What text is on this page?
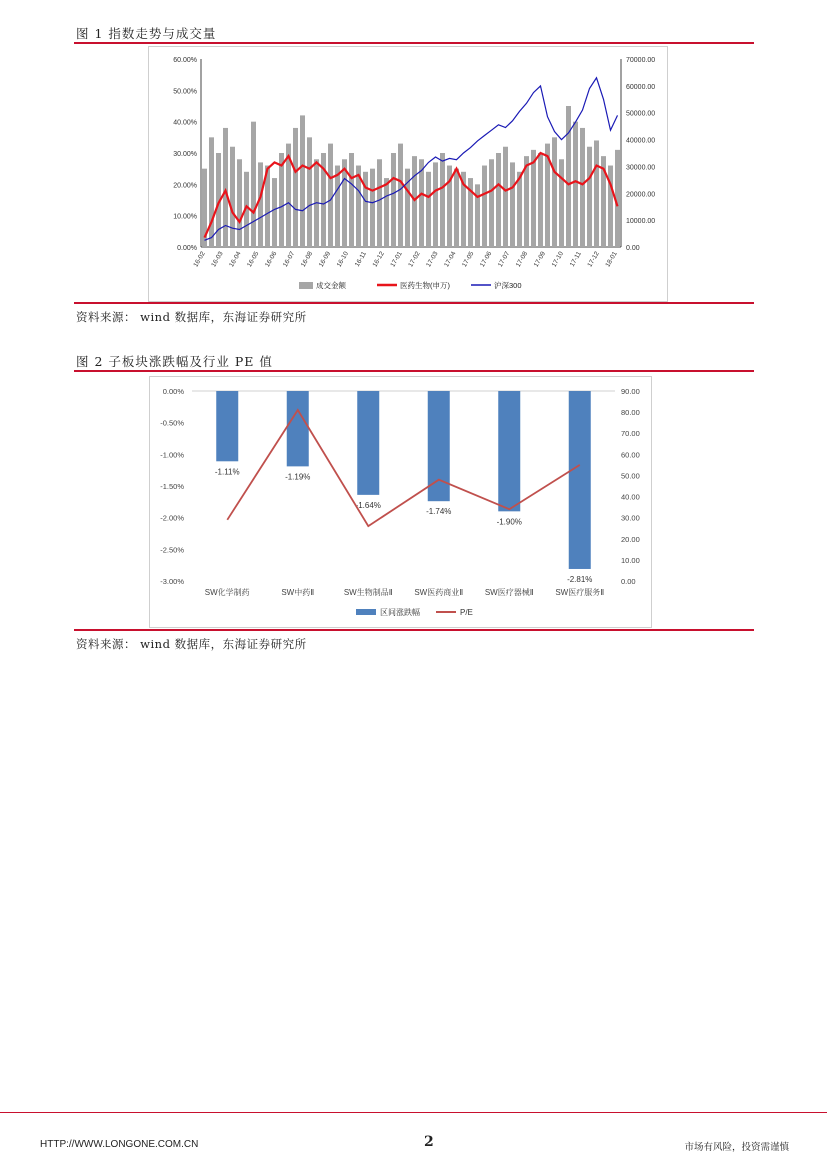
图 1 指数走势与成交量
60.00%
50.00%
40.00%
30.00%
20.00%
10.00%
0.00%
70000.00
60000.00
50000.00
40000.00
30000.00
20000.00
10000.00
0.00
16-02 16-03 16-04 16-05 16-06 16-07 16-08 16-09 16-10 16-11 16-12 17-01 17-02 17-03 17-04 17-05 17-06 17-07 17-08 17-09 17-10 17-11 17-12 18-01
成交金额	医药生物(申万)	沪深300
资料来源： wind 数据库，东海证券研究所
图 2 子板块涨跌幅及行业 PE 值
0.00%
-0.50%
-1.00%
-1.50%
-2.00%
-2.50%
-3.00%
90.00
80.00
70.00
60.00
50.00
40.00
30.00
20.00
10.00
0.00
-1.11%
SW化学制药
-1.19%
SW中药Ⅱ
-1.64%
SW生物制品Ⅱ
-1.74%
SW医药商业Ⅱ
-1.90%
SW医疗器械Ⅱ
-2.81%
SW医疗服务Ⅱ
区间涨跌幅	P/E
资料来源： wind 数据库，东海证券研究所
HTTP://WWW.LONGONE.COM.CN	2	市场有风险，投资需谨慎
